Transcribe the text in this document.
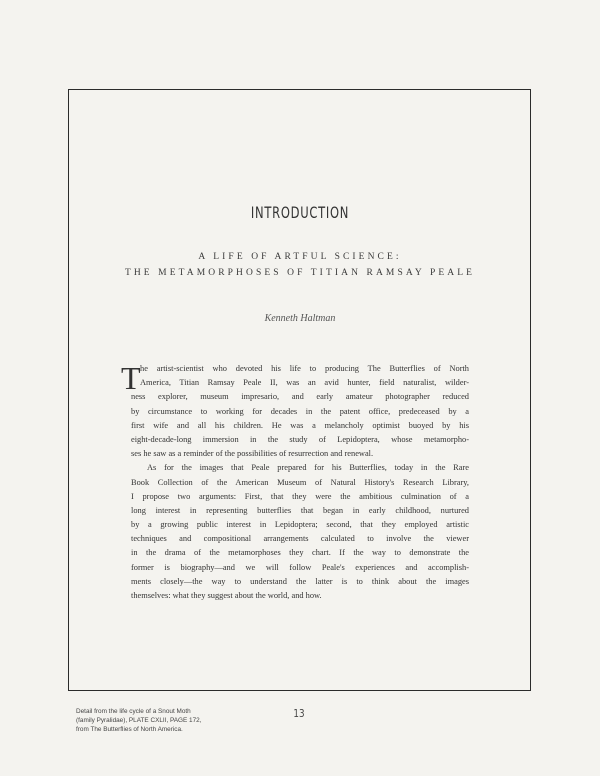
INTRODUCTION
A LIFE OF ARTFUL SCIENCE:
THE METAMORPHOSES OF TITIAN RAMSAY PEALE
Kenneth Haltman
T he artist-scientist who devoted his life to producing The Butterflies of North
America, Titian Ramsay Peale II, was an avid hunter, field naturalist, wilder-
ness explorer, museum impresario, and early amateur photographer reduced
by circumstance to working for decades in the patent office, predeceased by a
first wife and all his children. He was a melancholy optimist buoyed by his
eight-decade-long immersion in the study of Lepidoptera, whose metamorpho-
ses he saw as a reminder of the possibilities of resurrection and renewal.
As for the images that Peale prepared for his Butterflies, today in the Rare
Book Collection of the American Museum of Natural History's Research Library,
I propose two arguments: First, that they were the ambitious culmination of a
long interest in representing butterflies that began in early childhood, nurtured
by a growing public interest in Lepidoptera; second, that they employed artistic
techniques and compositional arrangements calculated to involve the viewer
in the drama of the metamorphoses they chart. If the way to demonstrate the
former is biography—and we will follow Peale's experiences and accomplish-
ments closely—the way to understand the latter is to think about the images
themselves: what they suggest about the world, and how.
Detail from the life cycle of a Snout Moth
(family Pyralidae), PLATE CXLII, PAGE 172,
from The Butterflies of North America.
13
